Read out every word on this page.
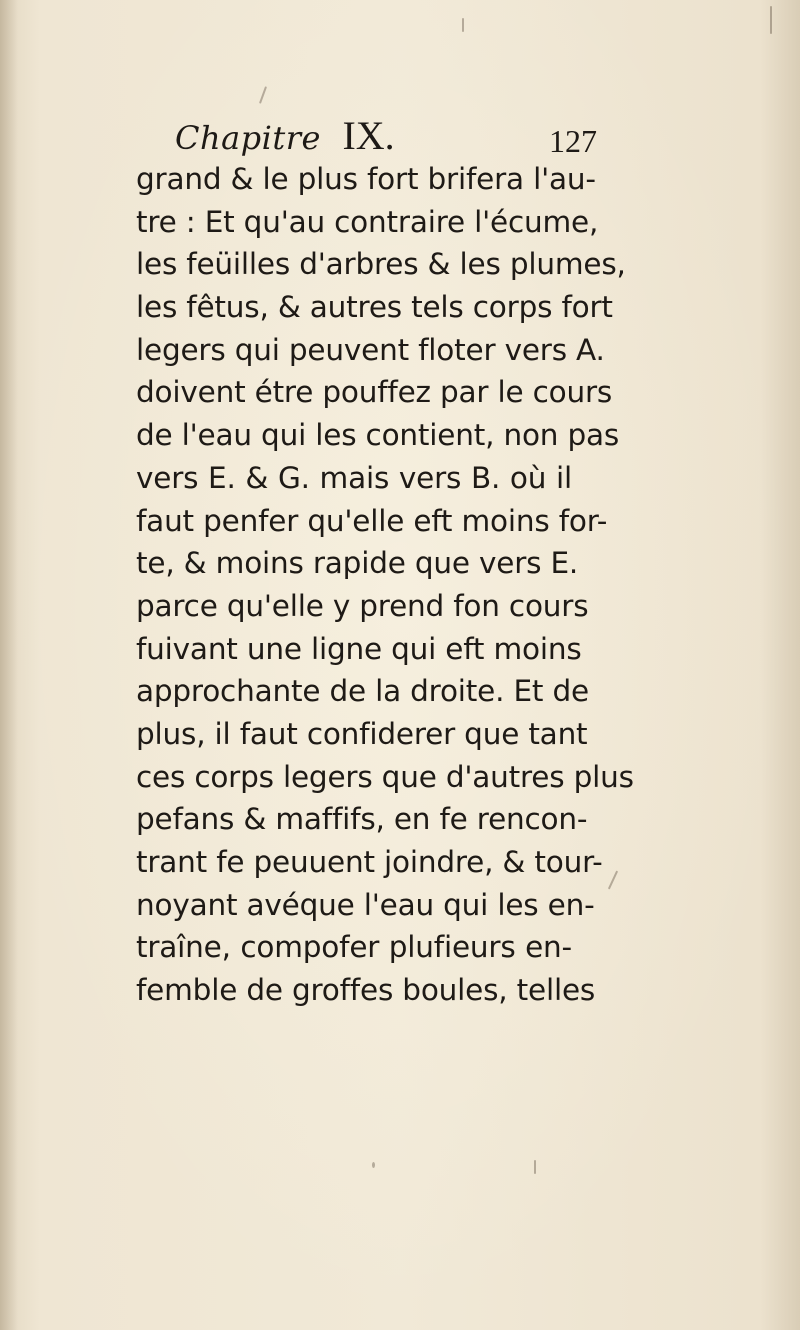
Chapitre IX.	127
grand & le plus fort brifera l'au-
tre : Et qu'au contraire l'écume,
les feüilles d'arbres & les plumes,
les fêtus, & autres tels corps fort
legers qui peuvent floter vers A.
doivent étre pouffez par le cours
de l'eau qui les contient, non pas
vers E. & G. mais vers B. où il
faut penfer qu'elle eft moins for-
te, & moins rapide que vers E.
parce qu'elle y prend fon cours
fuivant une ligne qui eft moins
approchante de la droite. Et de
plus, il faut confiderer que tant
ces corps legers que d'autres plus
pefans & maffifs, en fe rencon-
trant fe peuuent joindre, & tour-
noyant avéque l'eau qui les en-
traîne, compofer plufieurs en-
femble de groffes boules, telles
